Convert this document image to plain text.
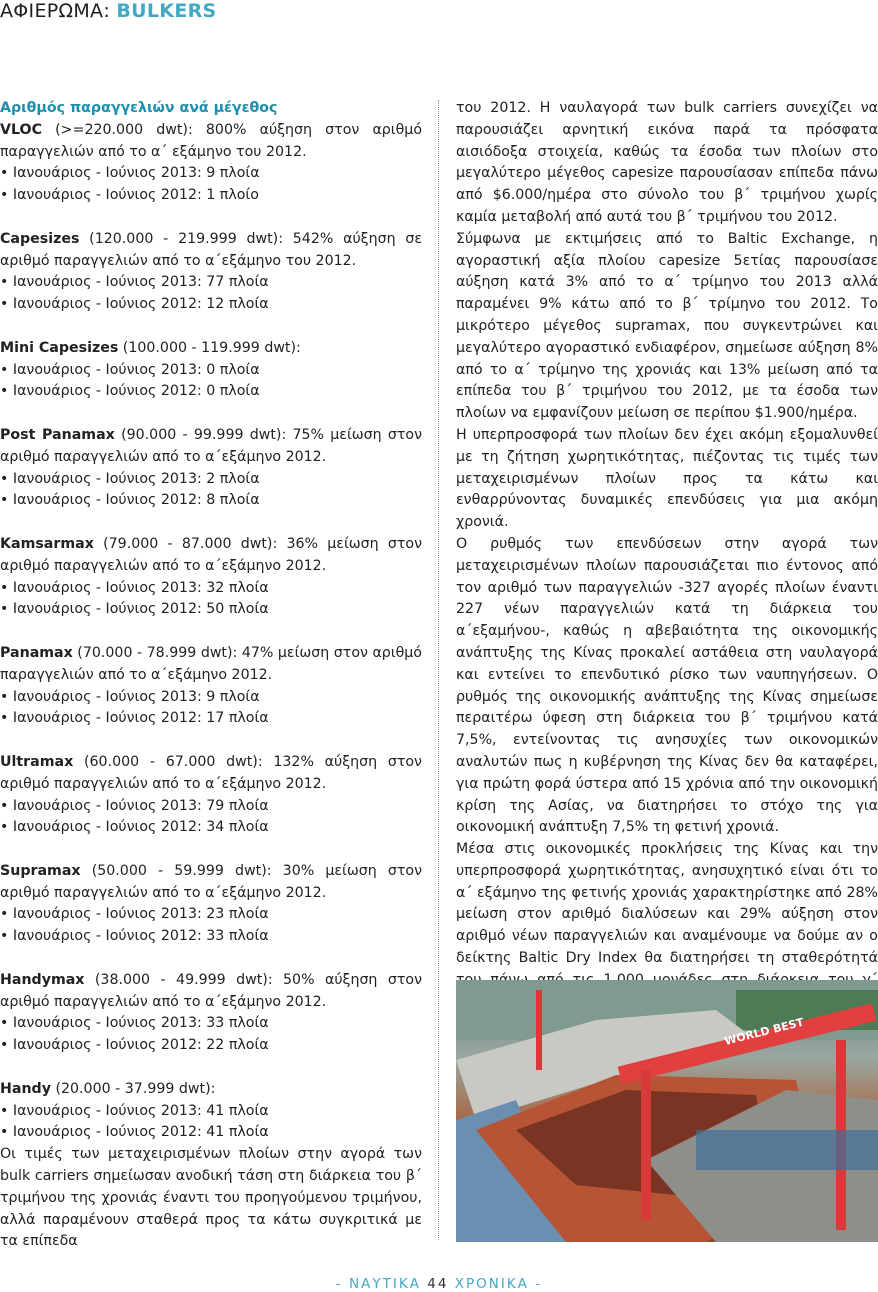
ΑΦΙΕΡΩΜΑ: BULKERS
Αριθμός παραγγελιών ανά μέγεθος
VLOC (>=220.000 dwt): 800% αύξηση στον αριθμό παραγγελιών από το α΄ εξάμηνο του 2012.
• Ιανουάριος - Ιούνιος 2013: 9 πλοία
• Ιανουάριος - Ιούνιος 2012: 1 πλοίο
Capesizes (120.000 - 219.999 dwt): 542% αύξηση σε αριθμό παραγγελιών από το α΄εξάμηνο του 2012.
• Ιανουάριος - Ιούνιος 2013: 77 πλοία
• Ιανουάριος - Ιούνιος 2012: 12 πλοία
Mini Capesizes (100.000 - 119.999 dwt):
• Ιανουάριος - Ιούνιος 2013: 0 πλοία
• Ιανουάριος - Ιούνιος 2012: 0 πλοία
Post Panamax (90.000 - 99.999 dwt): 75% μείωση στον αριθμό παραγγελιών από το α΄εξάμηνο 2012.
• Ιανουάριος - Ιούνιος 2013: 2 πλοία
• Ιανουάριος - Ιούνιος 2012: 8 πλοία
Kamsarmax (79.000 - 87.000 dwt): 36% μείωση στον αριθμό παραγγελιών από το α΄εξάμηνο 2012.
• Ιανουάριος - Ιούνιος 2013: 32 πλοία
• Ιανουάριος - Ιούνιος 2012: 50 πλοία
Panamax (70.000 - 78.999 dwt): 47% μείωση στον αριθμό παραγγελιών από το α΄εξάμηνο 2012.
• Ιανουάριος - Ιούνιος 2013: 9 πλοία
• Ιανουάριος - Ιούνιος 2012: 17 πλοία
Ultramax (60.000 - 67.000 dwt): 132% αύξηση στον αριθμό παραγγελιών από το α΄εξάμηνο 2012.
• Ιανουάριος - Ιούνιος 2013: 79 πλοία
• Ιανουάριος - Ιούνιος 2012: 34 πλοία
Supramax (50.000 - 59.999 dwt): 30% μείωση στον αριθμό παραγγελιών από το α΄εξάμηνο 2012.
• Ιανουάριος - Ιούνιος 2013: 23 πλοία
• Ιανουάριος - Ιούνιος 2012: 33 πλοία
Handymax (38.000 - 49.999 dwt): 50% αύξηση στον αριθμό παραγγελιών από το α΄εξάμηνο 2012.
• Ιανουάριος - Ιούνιος 2013: 33 πλοία
• Ιανουάριος - Ιούνιος 2012: 22 πλοία
Handy (20.000 - 37.999 dwt):
• Ιανουάριος - Ιούνιος 2013: 41 πλοία
• Ιανουάριος - Ιούνιος 2012: 41 πλοία
Οι τιμές των μεταχειρισμένων πλοίων στην αγορά των bulk carriers σημείωσαν ανοδική τάση στη διάρκεια του β΄ τριμήνου της χρονιάς έναντι του προηγούμενου τριμήνου, αλλά παραμένουν σταθερά προς τα κάτω συγκριτικά με τα επίπεδα

του 2012. Η ναυλαγορά των bulk carriers συνεχίζει να παρουσιάζει αρνητική εικόνα παρά τα πρόσφατα αισιόδοξα στοιχεία, καθώς τα έσοδα των πλοίων στο μεγαλύτερο μέγεθος capesize παρουσίασαν επίπεδα πάνω από $6.000/ημέρα στο σύνολο του β΄ τριμήνου χωρίς καμία μεταβολή από αυτά του β΄ τριμήνου του 2012.

Σύμφωνα με εκτιμήσεις από το Baltic Exchange, η αγοραστική αξία πλοίου capesize 5ετίας παρουσίασε αύξηση κατά 3% από το α΄ τρίμηνο του 2013 αλλά παραμένει 9% κάτω από το β΄ τρίμηνο του 2012. Το μικρότερο μέγεθος supramax, που συγκεντρώνει και μεγαλύτερο αγοραστικό ενδιαφέρον, σημείωσε αύξηση 8% από το α΄ τρίμηνο της χρονιάς και 13% μείωση από τα επίπεδα του β΄ τριμήνου του 2012, με τα έσοδα των πλοίων να εμφανίζουν μείωση σε περίπου $1.900/ημέρα.

Η υπερπροσφορά των πλοίων δεν έχει ακόμη εξομαλυνθεί με τη ζήτηση χωρητικότητας, πιέζοντας τις τιμές των μεταχειρισμένων πλοίων προς τα κάτω και ενθαρρύνοντας δυναμικές επενδύσεις για μια ακόμη χρονιά.

Ο ρυθμός των επενδύσεων στην αγορά των μεταχειρισμένων πλοίων παρουσιάζεται πιο έντονος από τον αριθμό των παραγγελιών -327 αγορές πλοίων έναντι 227 νέων παραγγελιών κατά τη διάρκεια του α΄εξαμήνου-, καθώς η αβεβαιότητα της οικονομικής ανάπτυξης της Κίνας προκαλεί αστάθεια στη ναυλαγορά και εντείνει το επενδυτικό ρίσκο των ναυπηγήσεων. Ο ρυθμός της οικονομικής ανάπτυξης της Κίνας σημείωσε περαιτέρω ύφεση στη διάρκεια του β΄ τριμήνου κατά 7,5%, εντείνοντας τις ανησυχίες των οικονομικών αναλυτών πως η κυβέρνηση της Κίνας δεν θα καταφέρει, για πρώτη φορά ύστερα από 15 χρόνια από την οικονομική κρίση της Ασίας, να διατηρήσει το στόχο της για οικονομική ανάπτυξη 7,5% τη φετινή χρονιά.

Μέσα στις οικονομικές προκλήσεις της Κίνας και την υπερπροσφορά χωρητικότητας, ανησυχητικό είναι ότι το α΄ εξάμηνο της φετινής χρονιάς χαρακτηρίστηκε από 28% μείωση στον αριθμό διαλύσεων και 29% αύξηση στον αριθμό νέων παραγγελιών και αναμένουμε να δούμε αν ο δείκτης Baltic Dry Index θα διατηρήσει τη σταθερότητά

WORLD BEST
- ΝΑΥΤΙΚΑ 44 ΧΡΟΝΙΚΑ -
